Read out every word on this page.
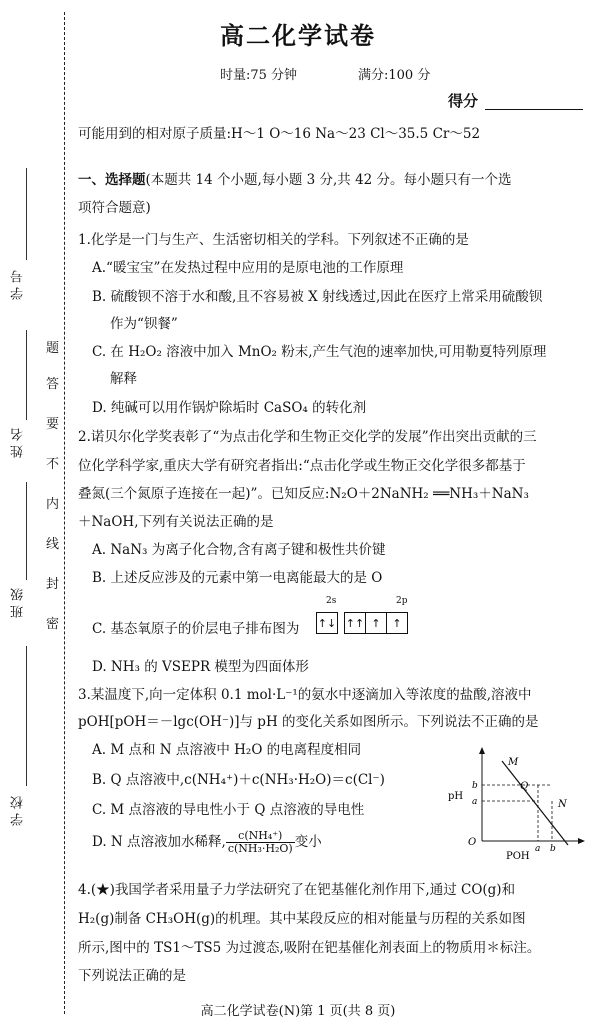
学 号
姓 名
班 级
学 校
题
答
要
不
内
线
封
密
高二化学试卷
时量:75 分钟	满分:100 分
得分
可能用到的相对原子质量:H～1 O～16 Na～23 Cl～35.5 Cr～52
一、选择题(本题共 14 个小题,每小题 3 分,共 42 分。每小题只有一个选
项符合题意)
1.化学是一门与生产、生活密切相关的学科。下列叙述不正确的是
A.“暖宝宝”在发热过程中应用的是原电池的工作原理
B. 硫酸钡不溶于水和酸,且不容易被 X 射线透过,因此在医疗上常采用硫酸钡
作为“钡餐”
C. 在 H₂O₂ 溶液中加入 MnO₂ 粉末,产生气泡的速率加快,可用勒夏特列原理
解释
D. 纯碱可以用作锅炉除垢时 CaSO₄ 的转化剂
2.诺贝尔化学奖表彰了“为点击化学和生物正交化学的发展”作出突出贡献的三
位化学科学家,重庆大学有研究者指出:“点击化学或生物正交化学很多都基于
叠氮(三个氮原子连接在一起)”。已知反应:N₂O＋2NaNH₂ ══NH₃＋NaN₃
＋NaOH,下列有关说法正确的是
A. NaN₃ 为离子化合物,含有离子键和极性共价键
B. 上述反应涉及的元素中第一电离能最大的是 O
C. 基态氧原子的价层电子排布图为
2s	2p
↑↓ ↑↑ ↑	↑
D. NH₃ 的 VSEPR 模型为四面体形
3.某温度下,向一定体积 0.1 mol·L⁻¹的氨水中逐滴加入等浓度的盐酸,溶液中
pOH[pOH＝－lgc(OH⁻)]与 pH 的变化关系如图所示。下列说法不正确的是
A. M 点和 N 点溶液中 H₂O 的电离程度相同
B. Q 点溶液中,c(NH₄⁺)＋c(NH₃·H₂O)＝c(Cl⁻)
C. M 点溶液的导电性小于 Q 点溶液的导电性
D. N 点溶液加水稀释, $\frac{\text{c(NH₄⁺)}}{\text{c(NH₃·H₂O)}}$ 变小
pH
O
b
a
a b
POH
M
Q
N
4.(★)我国学者采用量子力学法研究了在钯基催化剂作用下,通过 CO(g)和
H₂(g)制备 CH₃OH(g)的机理。其中某段反应的相对能量与历程的关系如图
所示,图中的 TS1～TS5 为过渡态,吸附在钯基催化剂表面上的物质用＊标注。
下列说法正确的是
高二化学试卷(N)第 1 页(共 8 页)
